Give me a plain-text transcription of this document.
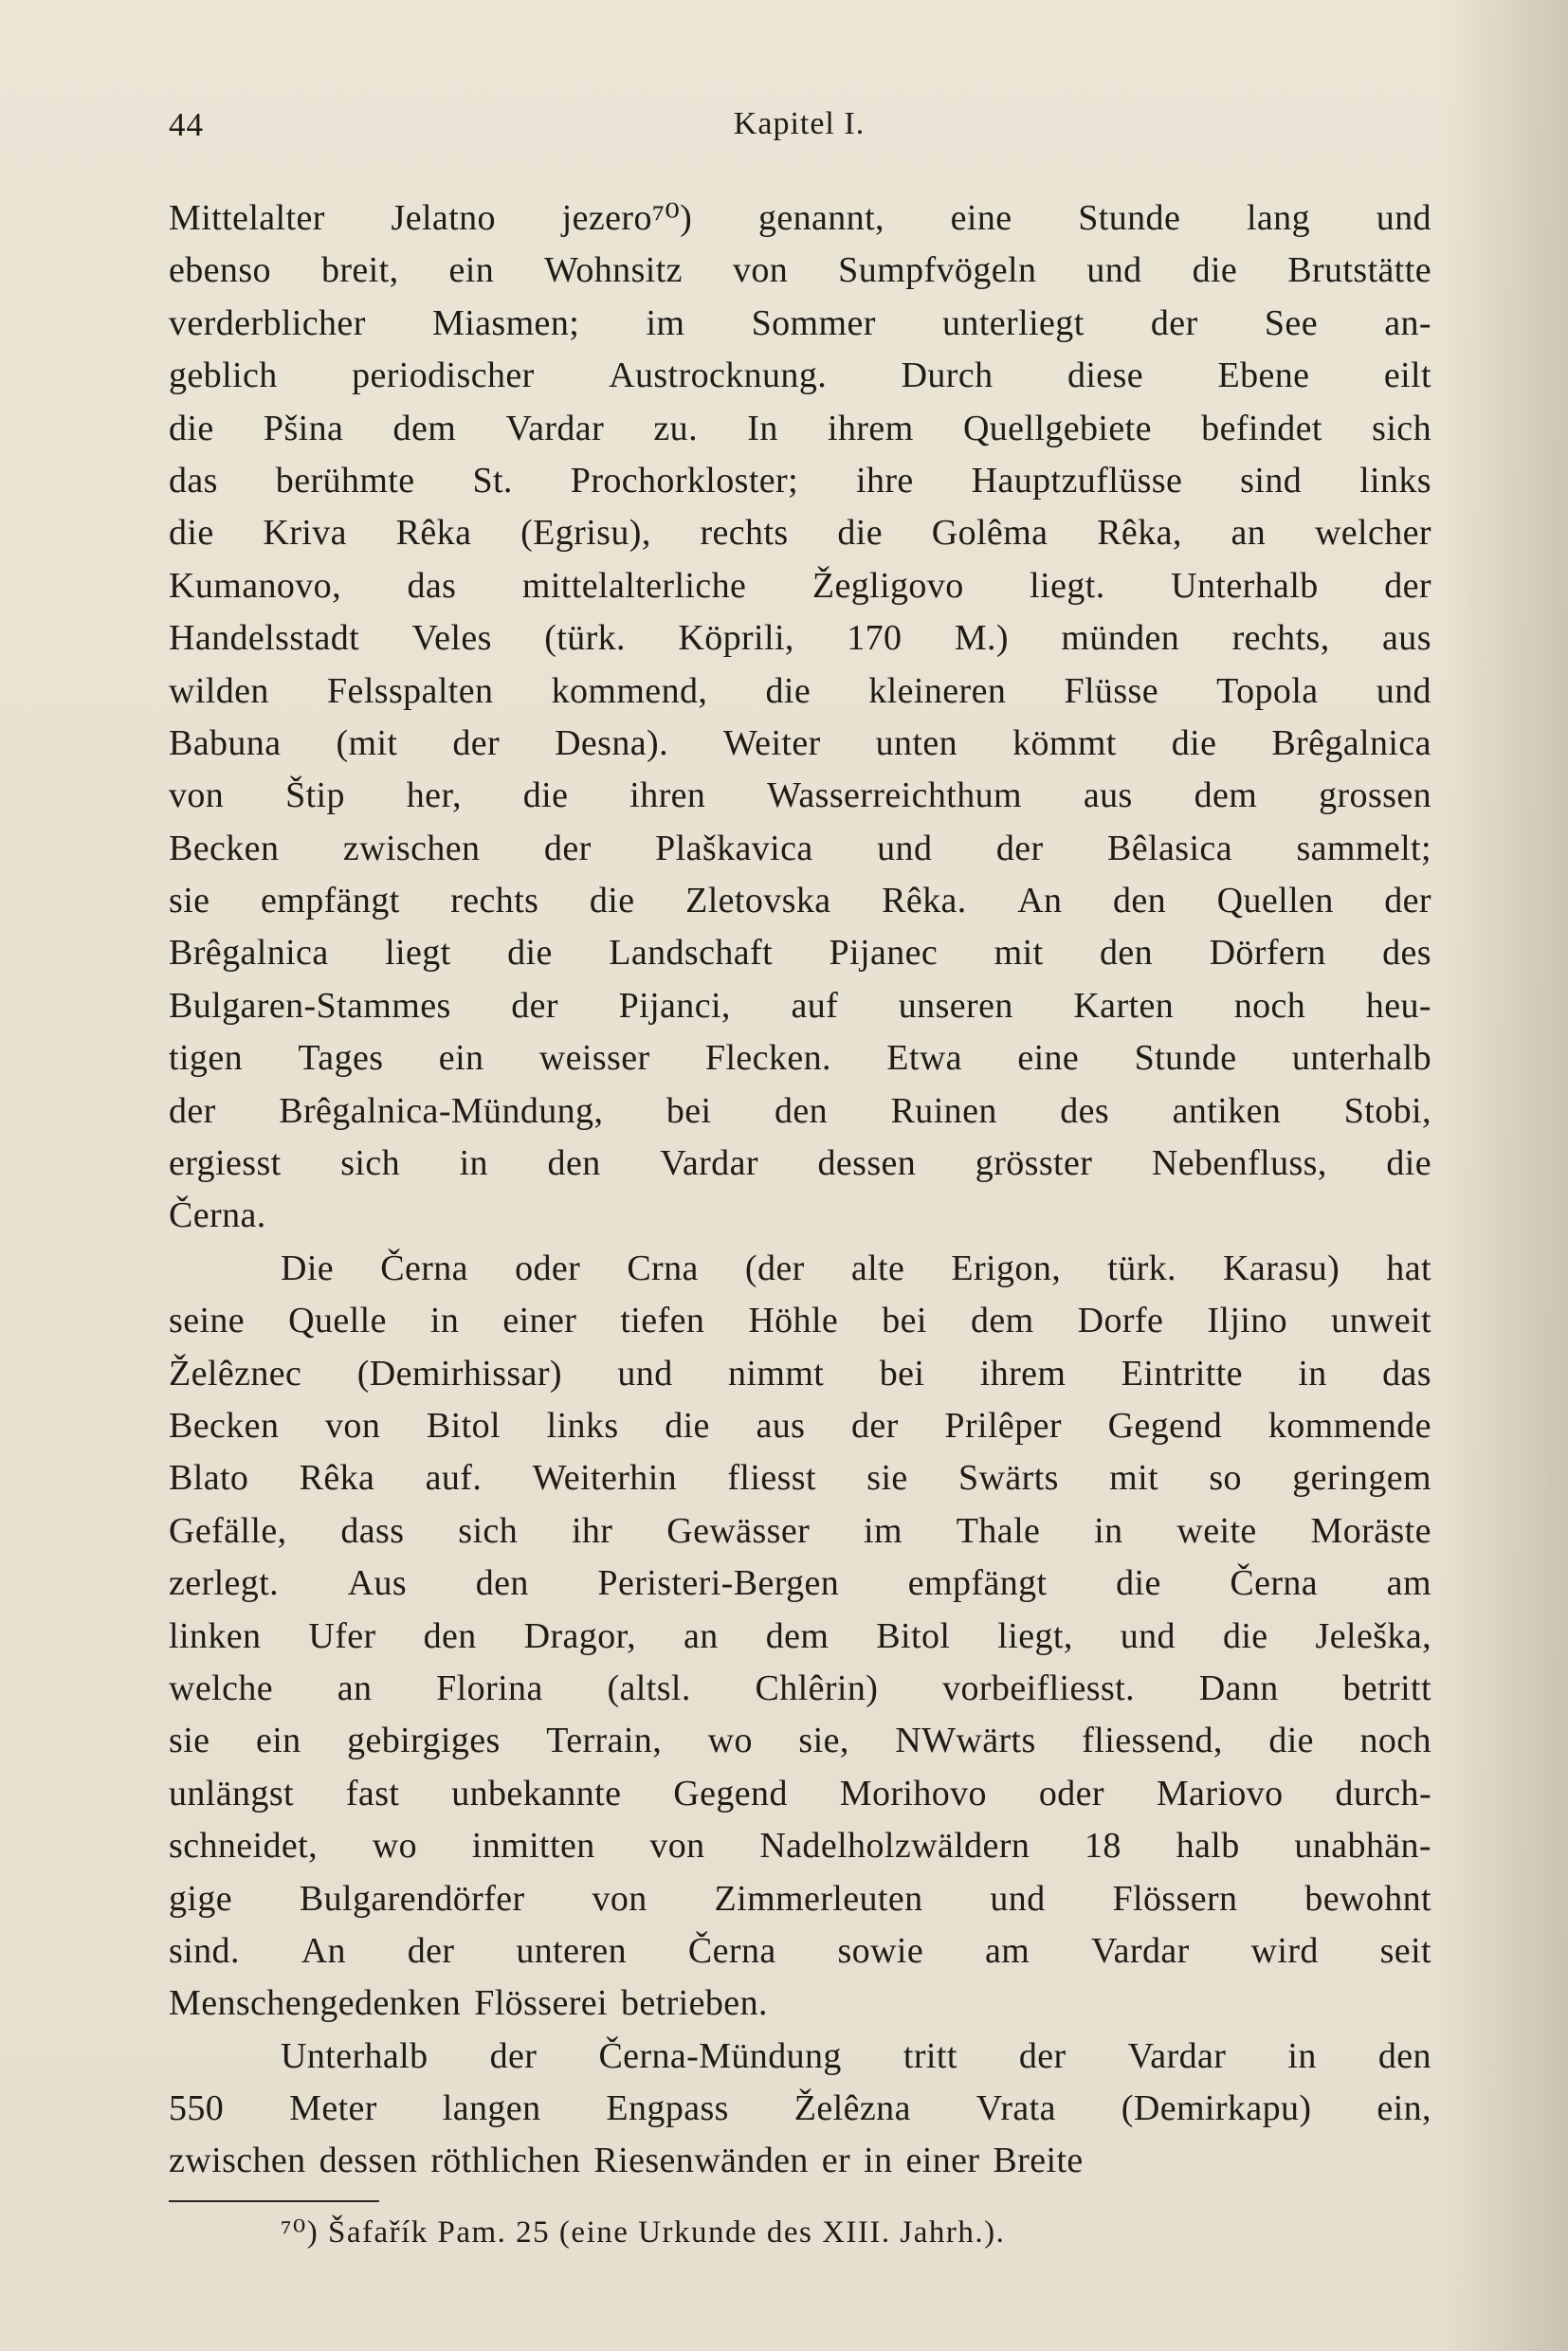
Kapitel I.
44
Mittelalter Jelatno jezero⁷⁰) genannt, eine Stunde lang und
ebenso breit, ein Wohnsitz von Sumpfvögeln und die Brutstätte
verderblicher Miasmen; im Sommer unterliegt der See an-
geblich periodischer Austrocknung. Durch diese Ebene eilt
die Pšina dem Vardar zu. In ihrem Quellgebiete befindet sich
das berühmte St. Prochorkloster; ihre Hauptzuflüsse sind links
die Kriva Rêka (Egrisu), rechts die Golêma Rêka, an welcher
Kumanovo, das mittelalterliche Žegligovo liegt. Unterhalb der
Handelsstadt Veles (türk. Köprili, 170 M.) münden rechts, aus
wilden Felsspalten kommend, die kleineren Flüsse Topola und
Babuna (mit der Desna). Weiter unten kömmt die Brêgalnica
von Štip her, die ihren Wasserreichthum aus dem grossen
Becken zwischen der Plaškavica und der Bêlasica sammelt;
sie empfängt rechts die Zletovska Rêka. An den Quellen der
Brêgalnica liegt die Landschaft Pijanec mit den Dörfern des
Bulgaren-Stammes der Pijanci, auf unseren Karten noch heu-
tigen Tages ein weisser Flecken. Etwa eine Stunde unterhalb
der Brêgalnica-Mündung, bei den Ruinen des antiken Stobi,
ergiesst sich in den Vardar dessen grösster Nebenfluss, die
Černa.
Die Černa oder Crna (der alte Erigon, türk. Karasu) hat
seine Quelle in einer tiefen Höhle bei dem Dorfe Iljino unweit
Želêznec (Demirhissar) und nimmt bei ihrem Eintritte in das
Becken von Bitol links die aus der Prilêper Gegend kommende
Blato Rêka auf. Weiterhin fliesst sie Swärts mit so geringem
Gefälle, dass sich ihr Gewässer im Thale in weite Moräste
zerlegt. Aus den Peristeri-Bergen empfängt die Černa am
linken Ufer den Dragor, an dem Bitol liegt, und die Jeleška,
welche an Florina (altsl. Chlêrin) vorbeifliesst. Dann betritt
sie ein gebirgiges Terrain, wo sie, NWwärts fliessend, die noch
unlängst fast unbekannte Gegend Morihovo oder Mariovo durch-
schneidet, wo inmitten von Nadelholzwäldern 18 halb unabhän-
gige Bulgarendörfer von Zimmerleuten und Flössern bewohnt
sind. An der unteren Černa sowie am Vardar wird seit
Menschengedenken Flösserei betrieben.
Unterhalb der Černa-Mündung tritt der Vardar in den
550 Meter langen Engpass Želêzna Vrata (Demirkapu) ein,
zwischen dessen röthlichen Riesenwänden er in einer Breite
⁷⁰) Šafařík Pam. 25 (eine Urkunde des XIII. Jahrh.).
